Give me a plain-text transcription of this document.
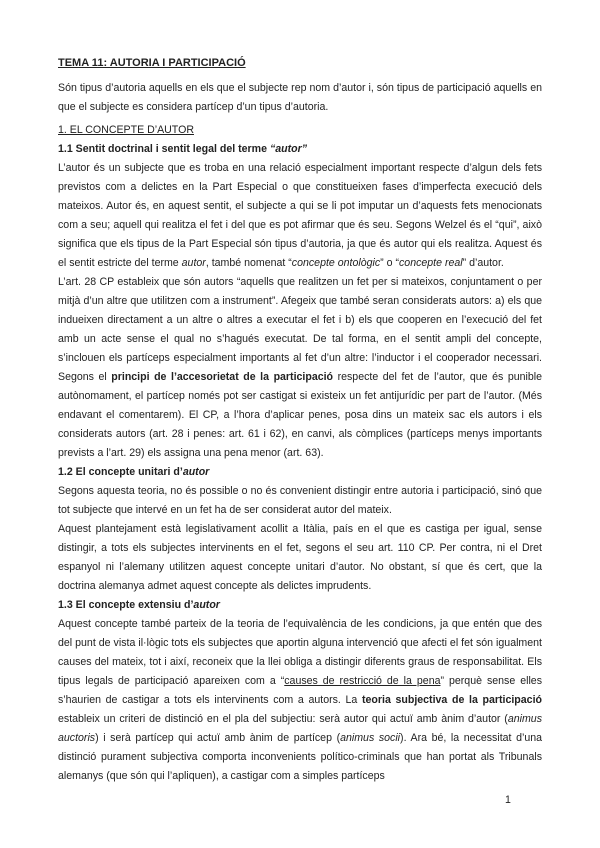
TEMA 11: AUTORIA I PARTICIPACIÓ

Són tipus d’autoria aquells en els que el subjecte rep nom d’autor i, són tipus de participació aquells en que el subjecte es considera partícep d’un tipus d’autoria.

1. EL CONCEPTE D’AUTOR

1.1 Sentit doctrinal i sentit legal del terme “autor”

L’autor és un subjecte que es troba en una relació especialment important respecte d’algun dels fets previstos com a delictes en la Part Especial o que constitueixen fases d’imperfecta execució dels mateixos. Autor és, en aquest sentit, el subjecte a qui se li pot imputar un d’aquests fets menocionats com a seu; aquell qui realitza el fet i del que es pot afirmar que és seu. Segons Welzel és el “qui”, això significa que els tipus de la Part Especial són tipus d’autoria, ja que és autor qui els realitza. Aquest és el sentit estricte del terme autor, també nomenat “concepte ontològic” o “concepte real” d’autor.

L’art. 28 CP estableix que són autors “aquells que realitzen un fet per si mateixos, conjuntament o per mitjà d’un altre que utilitzen com a instrument”. Afegeix que també seran considerats autors: a) els que indueixen directament a un altre o altres a executar el fet i b) els que cooperen en l’execució del fet amb un acte sense el qual no s’hagués executat. De tal forma, en el sentit ampli del concepte, s’inclouen els partíceps especialment importants al fet d’un altre: l’inductor i el cooperador necessari. Segons el principi de l’accesorietat de la participació respecte del fet de l’autor, que és punible autònomament, el partícep només pot ser castigat si existeix un fet antijurídic per part de l’autor. (Més endavant el comentarem). El CP, a l’hora d’aplicar penes, posa dins un mateix sac els autors i els considerats autors (art. 28 i penes: art. 61 i 62), en canvi, als còmplices (partíceps menys importants prevists a l’art. 29) els assigna una pena menor (art. 63).

1.2 El concepte unitari d’autor

Segons aquesta teoria, no és possible o no és convenient distingir entre autoria i participació, sinó que tot subjecte que intervé en un fet ha de ser considerat autor del mateix.

Aquest plantejament està legislativament acollit a Itàlia, país en el que es castiga per igual, sense distingir, a tots els subjectes intervinents en el fet, segons el seu art. 110 CP. Per contra, ni el Dret espanyol ni l’alemany utilitzen aquest concepte unitari d’autor. No obstant, sí que és cert, que la doctrina alemanya admet aquest concepte als delictes imprudents.

1.3 El concepte extensiu d’autor

Aquest concepte també parteix de la teoria de l’equivalència de les condicions, ja que entén que des del punt de vista il·lògic tots els subjectes que aportin alguna intervenció que afecti el fet són igualment causes del mateix, tot i així, reconeix que la llei obliga a distingir diferents graus de responsabilitat. Els tipus legals de participació apareixen com a “causes de restricció de la pena” perquè sense elles s’haurien de castigar a tots els intervinents com a autors. La teoria subjectiva de la participació estableix un criteri de distinció en el pla del subjectiu: serà autor qui actuï amb ànim d’autor (animus auctoris) i serà partícep qui actuï amb ànim de partícep (animus socii). Ara bé, la necessitat d’una distinció purament subjectiva comporta inconvenients político-criminals que han portat als Tribunals alemanys (que són qui l’apliquen), a castigar com a simples partíceps

1
